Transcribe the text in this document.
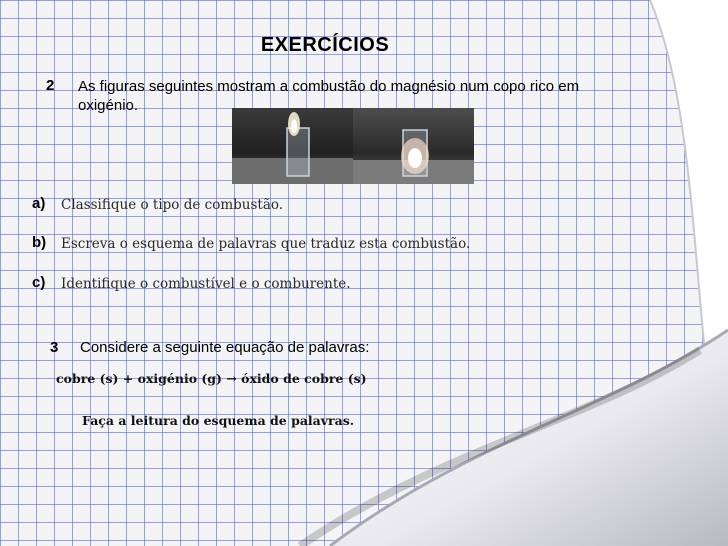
EXERCÍCIOS
2 As figuras seguintes mostram a combustão do magnésio num copo rico em oxigénio.
a) Classifique o tipo de combustão.
b) Escreva o esquema de palavras que traduz esta combustão.
c) Identifique o combustível e o comburente.
3 Considere a seguinte equação de palavras:
cobre (s) + oxigénio (g) → óxido de cobre (s)
Faça a leitura do esquema de palavras.
